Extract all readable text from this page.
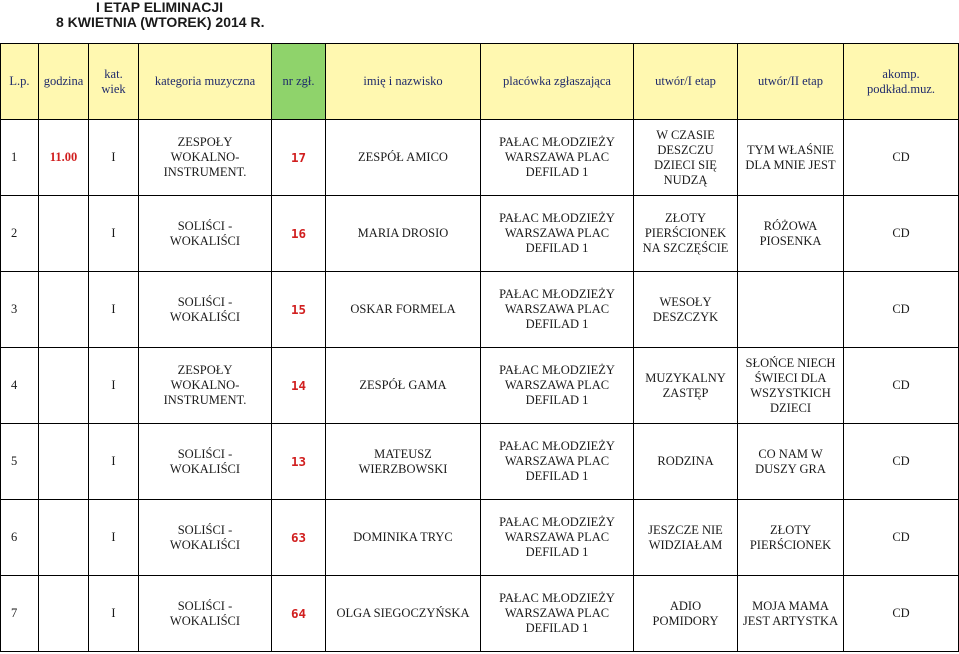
I ETAP ELIMINACJI
8 KWIETNIA (WTOREK) 2014 R.
L.p.	godzina	kat. wiek	kategoria muzyczna	nr zgł.	imię i nazwisko	placówka zgłaszająca	utwór/I etap	utwór/II etap	akomp. podkład.muz.
1	11.00	I	ZESPOŁY WOKALNO-INSTRUMENT.	17	ZESPÓŁ AMICO	PAŁAC MŁODZIEŻY WARSZAWA PLAC DEFILAD 1	W CZASIE DESZCZU DZIECI SIĘ NUDZĄ	TYM WŁAŚNIE DLA MNIE JEST	CD
2		I	SOLIŚCI - WOKALIŚCI	16	MARIA DROSIO	PAŁAC MŁODZIEŻY WARSZAWA PLAC DEFILAD 1	ZŁOTY PIERŚCIONEK NA SZCZĘŚCIE	RÓŻOWA PIOSENKA	CD
3		I	SOLIŚCI - WOKALIŚCI	15	OSKAR FORMELA	PAŁAC MŁODZIEŻY WARSZAWA PLAC DEFILAD 1	WESOŁY DESZCZYK		CD
4		I	ZESPOŁY WOKALNO-INSTRUMENT.	14	ZESPÓŁ GAMA	PAŁAC MŁODZIEŻY WARSZAWA PLAC DEFILAD 1	MUZYKALNY ZASTĘP	SŁOŃCE NIECH ŚWIECI DLA WSZYSTKICH DZIECI	CD
5		I	SOLIŚCI - WOKALIŚCI	13	MATEUSZ WIERZBOWSKI	PAŁAC MŁODZIEŻY WARSZAWA PLAC DEFILAD 1	RODZINA	CO NAM W DUSZY GRA	CD
6		I	SOLIŚCI - WOKALIŚCI	63	DOMINIKA TRYC	PAŁAC MŁODZIEŻY WARSZAWA PLAC DEFILAD 1	JESZCZE NIE WIDZIAŁAM	ZŁOTY PIERŚCIONEK	CD
7		I	SOLIŚCI - WOKALIŚCI	64	OLGA SIEGOCZYŃSKA	PAŁAC MŁODZIEŻY WARSZAWA PLAC DEFILAD 1	ADIO POMIDORY	MOJA MAMA JEST ARTYSTKA	CD
